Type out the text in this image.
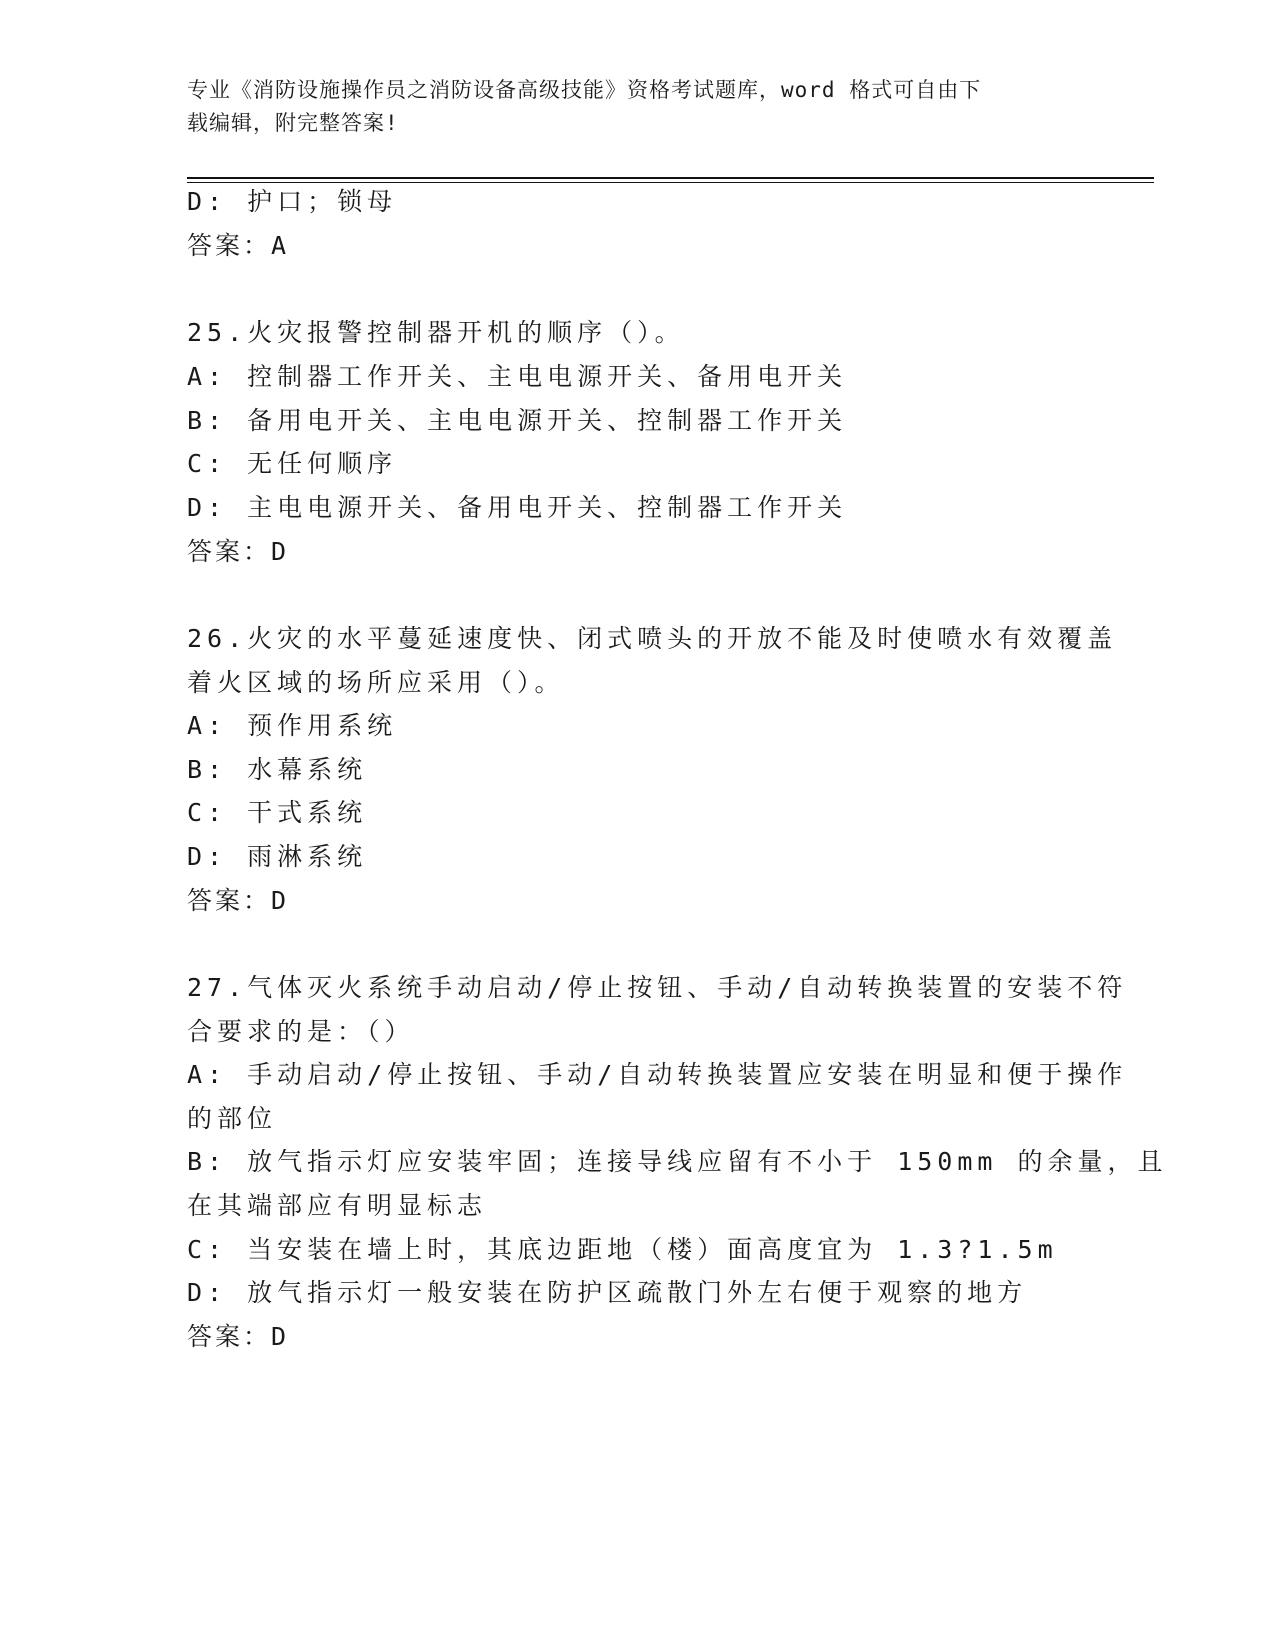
专业《消防设施操作员之消防设备高级技能》资格考试题库，word 格式可自由下
载编辑，附完整答案!
D: 护口；锁母
答案：A
25.火灾报警控制器开机的顺序（）。
A: 控制器工作开关、主电电源开关、备用电开关
B: 备用电开关、主电电源开关、控制器工作开关
C: 无任何顺序
D: 主电电源开关、备用电开关、控制器工作开关
答案：D
26.火灾的水平蔓延速度快、闭式喷头的开放不能及时使喷水有效覆盖
着火区域的场所应采用（）。
A: 预作用系统
B: 水幕系统
C: 干式系统
D: 雨淋系统
答案：D
27.气体灭火系统手动启动/停止按钮、手动/自动转换装置的安装不符
合要求的是：（）
A: 手动启动/停止按钮、手动/自动转换装置应安装在明显和便于操作
的部位
B: 放气指示灯应安装牢固；连接导线应留有不小于 150mm 的余量，且
在其端部应有明显标志
C: 当安装在墙上时，其底边距地（楼）面高度宜为 1.3?1.5m
D: 放气指示灯一般安装在防护区疏散门外左右便于观察的地方
答案：D
